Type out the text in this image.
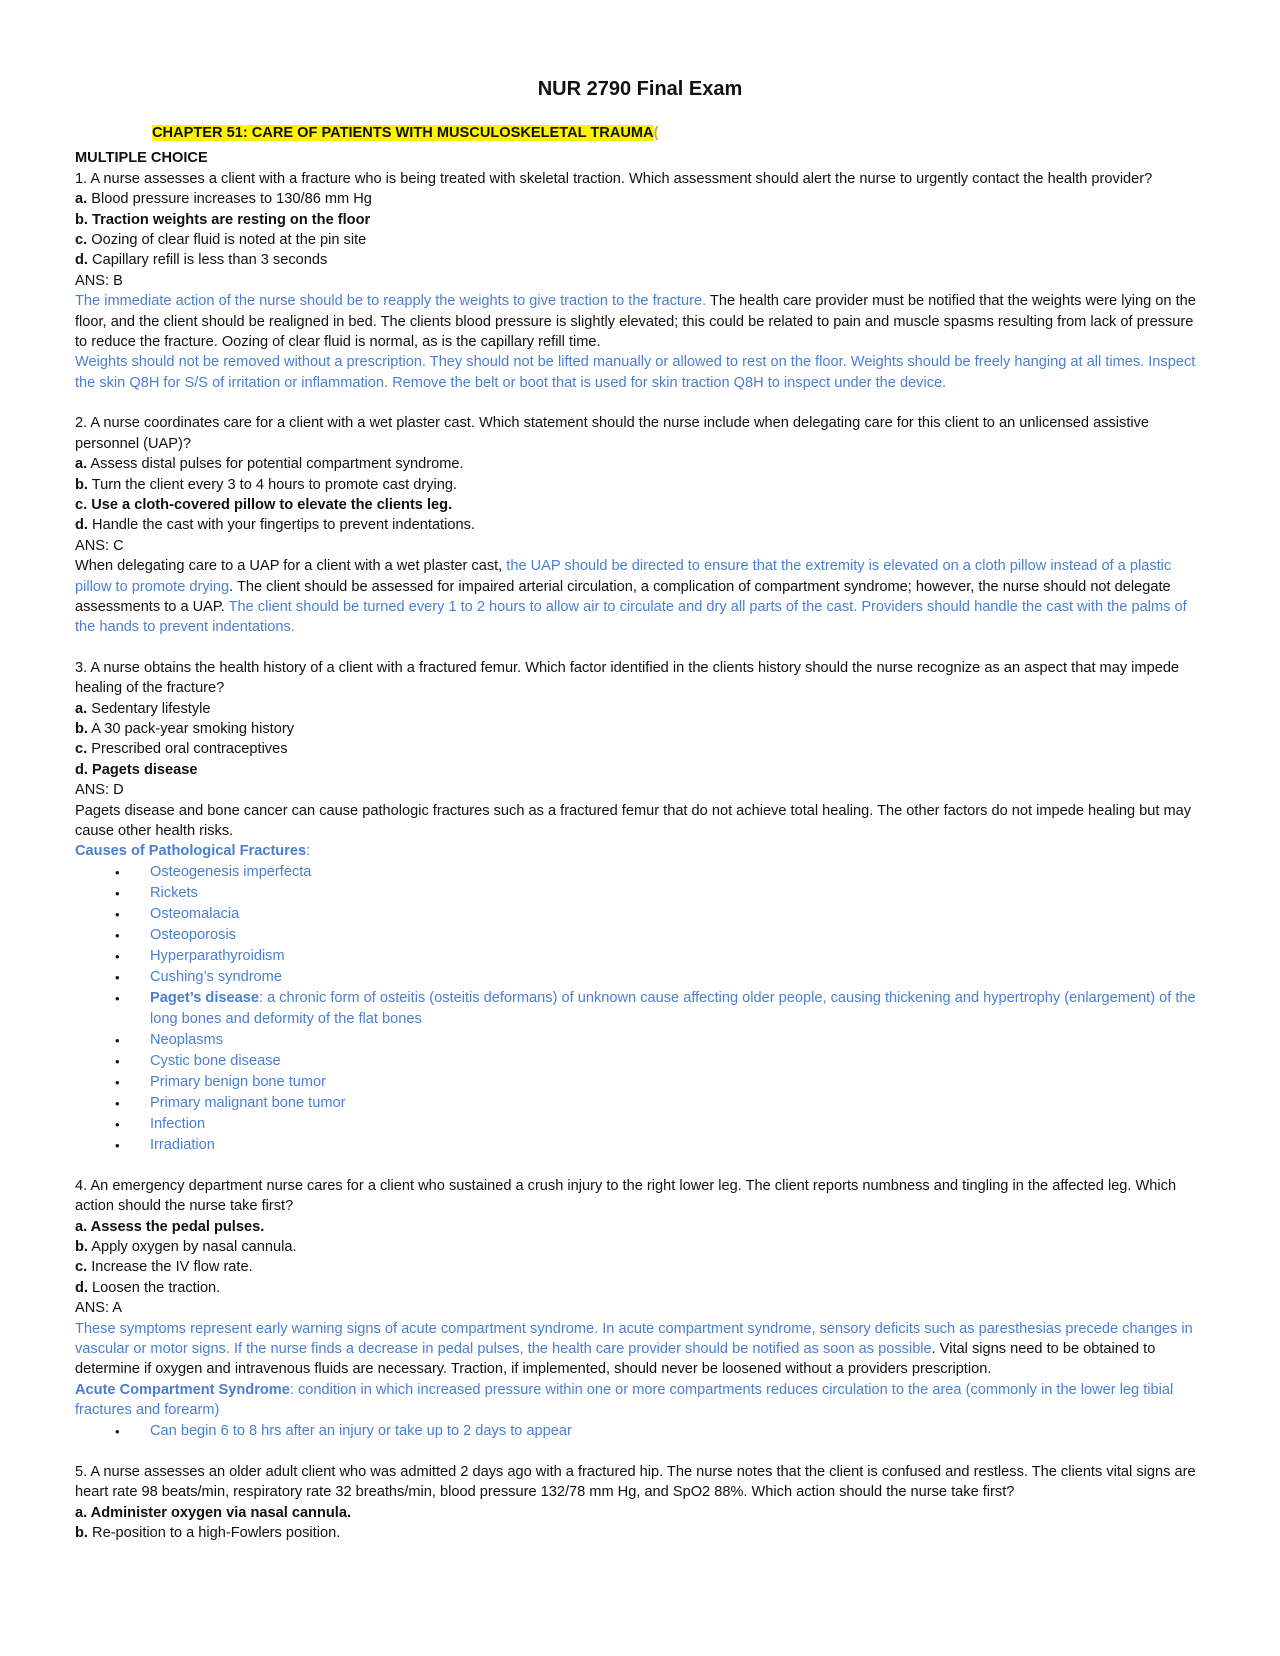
NUR 2790 Final Exam
CHAPTER 51: CARE OF PATIENTS WITH MUSCULOSKELETAL TRAUMA(
MULTIPLE CHOICE

1. A nurse assesses a client with a fracture who is being treated with skeletal traction. Which assessment should alert the nurse to urgently contact the health provider?

a. Blood pressure increases to 130/86 mm Hg
b. Traction weights are resting on the floor
c. Oozing of clear fluid is noted at the pin site
d. Capillary refill is less than 3 seconds
ANS: B

The immediate action of the nurse should be to reapply the weights to give traction to the fracture. The health care provider must be notified that the weights were lying on the floor, and the client should be realigned in bed. The clients blood pressure is slightly elevated; this could be related to pain and muscle spasms resulting from lack of pressure to reduce the fracture. Oozing of clear fluid is normal, as is the capillary refill time.

Weights should not be removed without a prescription. They should not be lifted manually or allowed to rest on the floor. Weights should be freely hanging at all times. Inspect the skin Q8H for S/S of irritation or inflammation. Remove the belt or boot that is used for skin traction Q8H to inspect under the device.

2. A nurse coordinates care for a client with a wet plaster cast. Which statement should the nurse include when delegating care for this client to an unlicensed assistive personnel (UAP)?

a. Assess distal pulses for potential compartment syndrome.
b. Turn the client every 3 to 4 hours to promote cast drying.
c. Use a cloth-covered pillow to elevate the clients leg.
d. Handle the cast with your fingertips to prevent indentations.
ANS: C

When delegating care to a UAP for a client with a wet plaster cast, the UAP should be directed to ensure that the extremity is elevated on a cloth pillow instead of a plastic pillow to promote drying. The client should be assessed for impaired arterial circulation, a complication of compartment syndrome; however, the nurse should not delegate assessments to a UAP. The client should be turned every 1 to 2 hours to allow air to circulate and dry all parts of the cast. Providers should handle the cast with the palms of the hands to prevent indentations.

3. A nurse obtains the health history of a client with a fractured femur. Which factor identified in the clients history should the nurse recognize as an aspect that may impede healing of the fracture?

a. Sedentary lifestyle
b. A 30 pack-year smoking history
c. Prescribed oral contraceptives
d. Pagets disease
ANS: D

Pagets disease and bone cancer can cause pathologic fractures such as a fractured femur that do not achieve total healing. The other factors do not impede healing but may cause other health risks.

Causes of Pathological Fractures:
• Osteogenesis imperfecta
• Rickets
• Osteomalacia
• Osteoporosis
• Hyperparathyroidism
• Cushing’s syndrome
• Paget’s disease: a chronic form of osteitis (osteitis deformans) of unknown cause affecting older people, causing thickening and hypertrophy (enlargement) of the long bones and deformity of the flat bones
• Neoplasms
• Cystic bone disease
• Primary benign bone tumor
• Primary malignant bone tumor
• Infection
• Irradiation

4. An emergency department nurse cares for a client who sustained a crush injury to the right lower leg. The client reports numbness and tingling in the affected leg. Which action should the nurse take first?

a. Assess the pedal pulses.
b. Apply oxygen by nasal cannula.
c. Increase the IV flow rate.
d. Loosen the traction.
ANS: A

These symptoms represent early warning signs of acute compartment syndrome. In acute compartment syndrome, sensory deficits such as paresthesias precede changes in vascular or motor signs. If the nurse finds a decrease in pedal pulses, the health care provider should be notified as soon as possible. Vital signs need to be obtained to determine if oxygen and intravenous fluids are necessary. Traction, if implemented, should never be loosened without a providers prescription.

Acute Compartment Syndrome: condition in which increased pressure within one or more compartments reduces circulation to the area (commonly in the lower leg tibial fractures and forearm)

• Can begin 6 to 8 hrs after an injury or take up to 2 days to appear

5. A nurse assesses an older adult client who was admitted 2 days ago with a fractured hip. The nurse notes that the client is confused and restless. The clients vital signs are heart rate 98 beats/min, respiratory rate 32 breaths/min, blood pressure 132/78 mm Hg, and SpO2 88%. Which action should the nurse take first?

a. Administer oxygen via nasal cannula.
b. Re-position to a high-Fowlers position.
